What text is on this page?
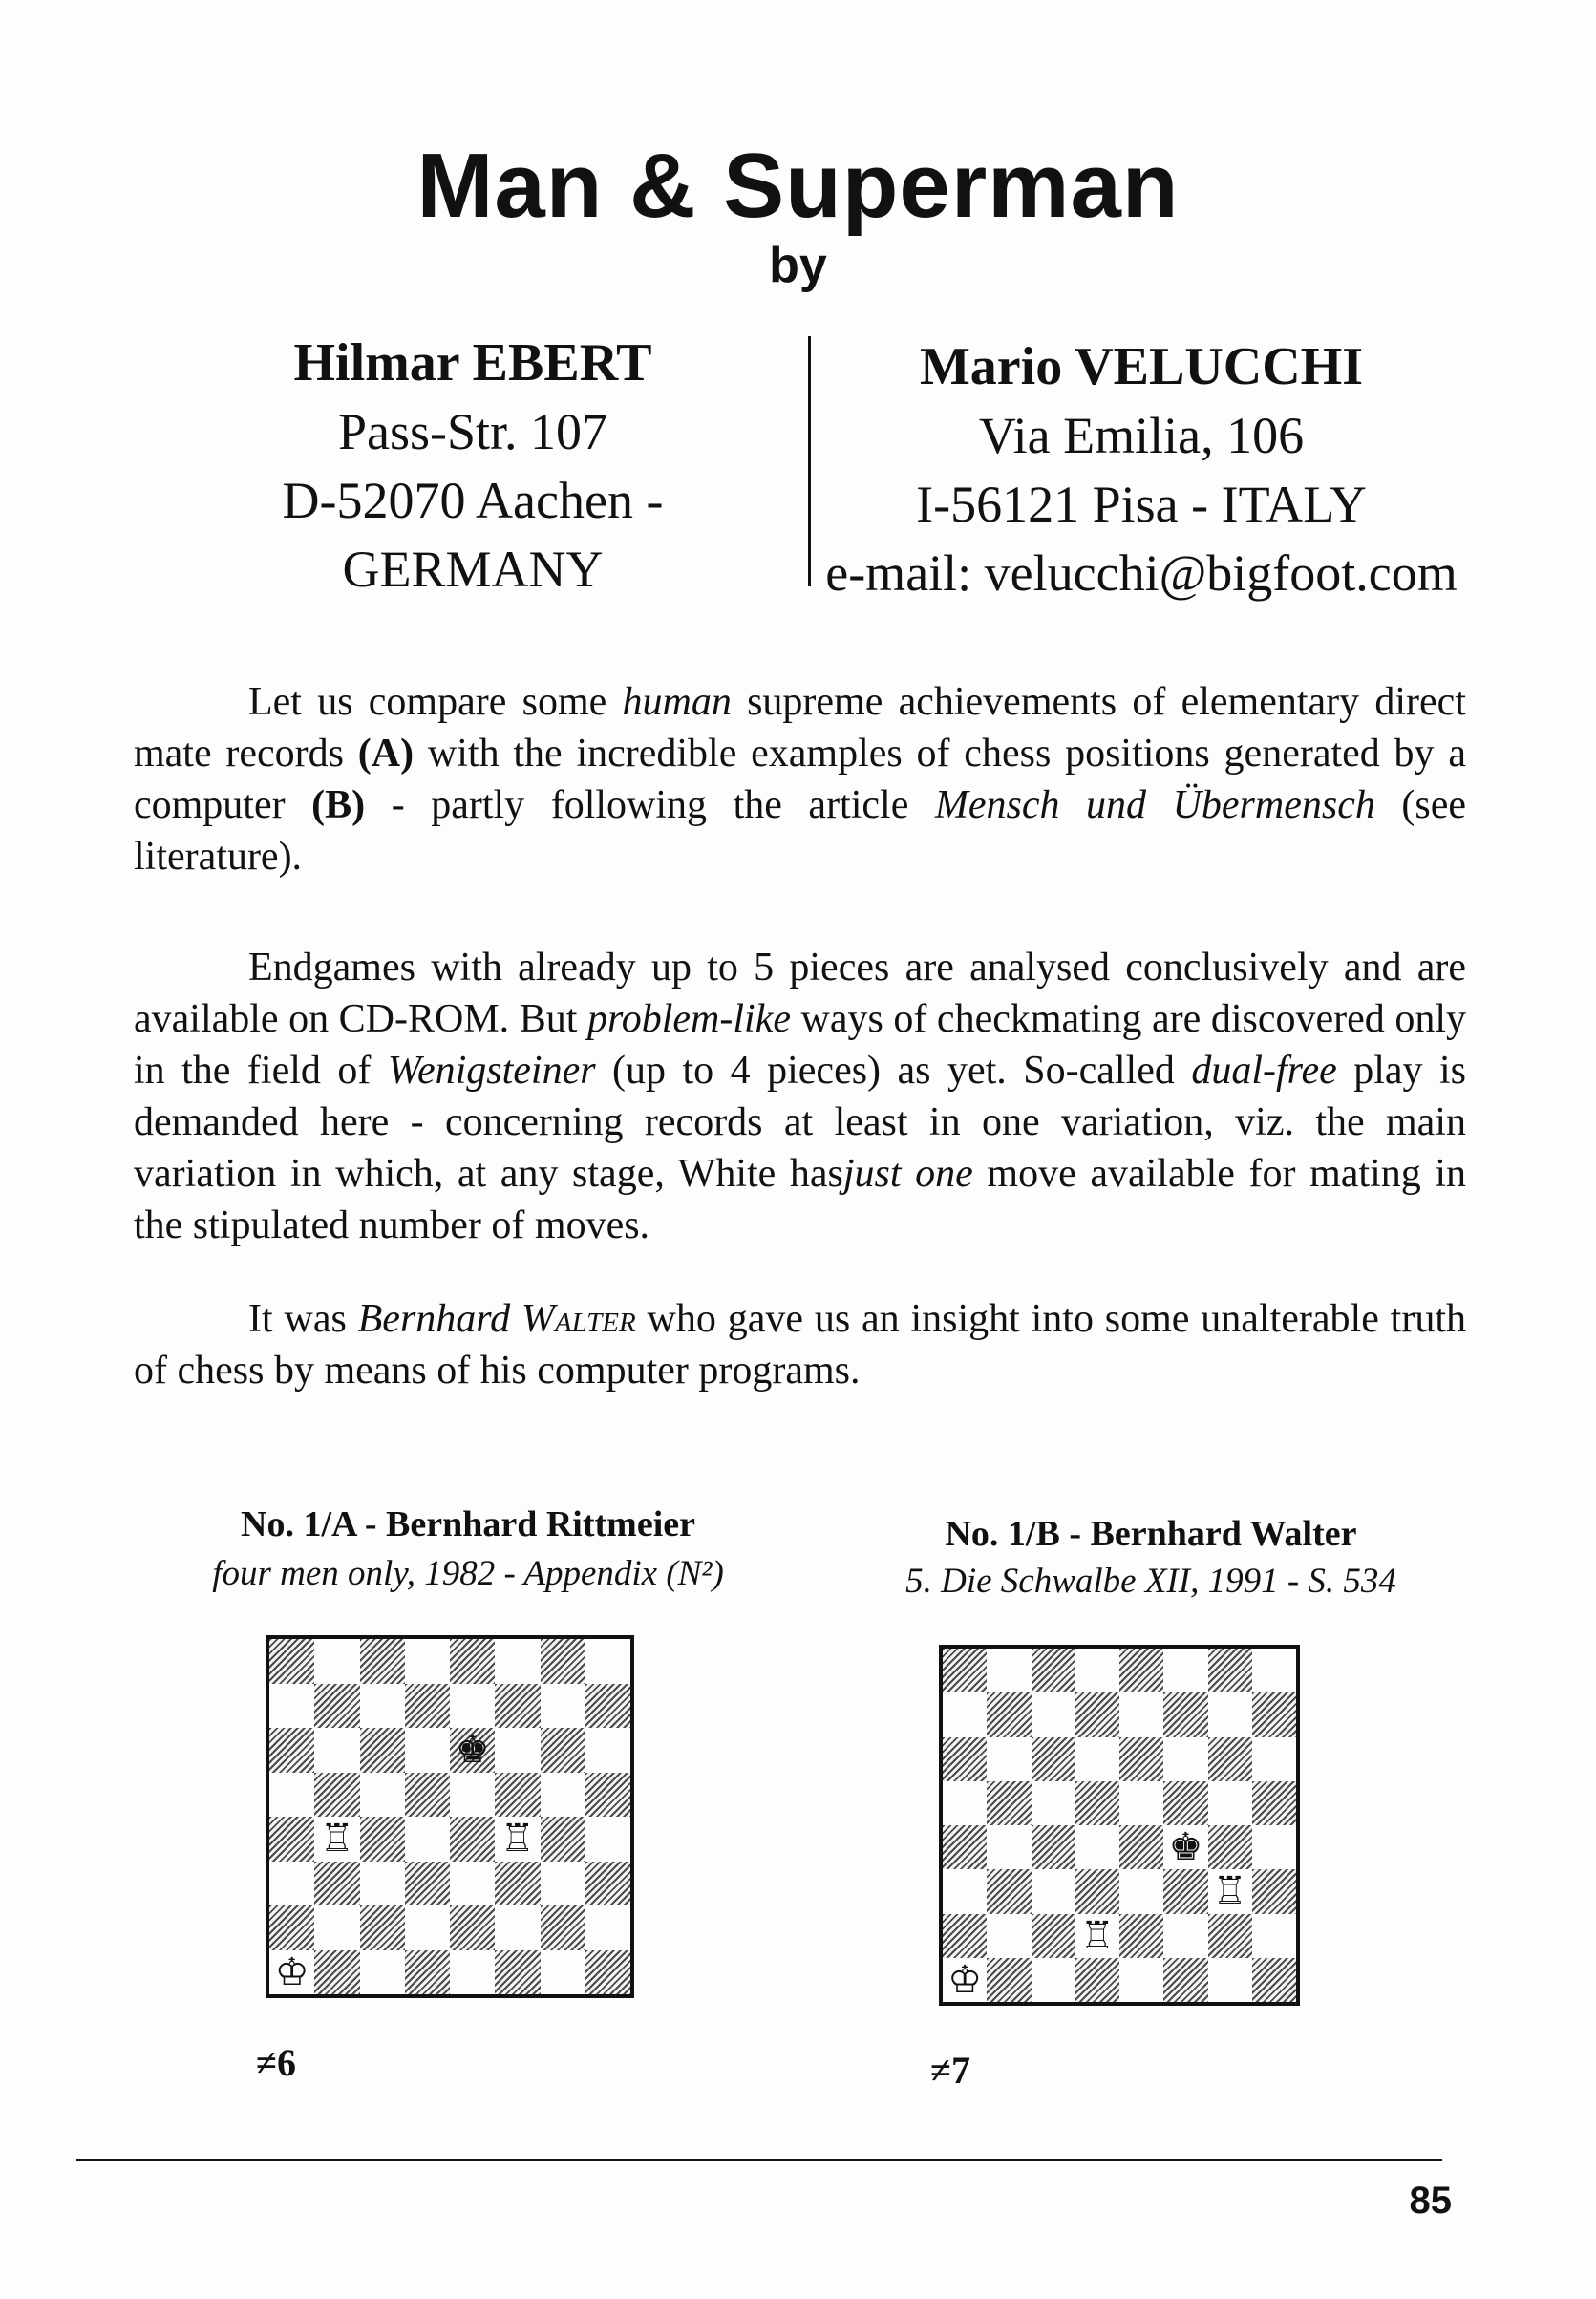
Man & Superman
by
Hilmar EBERT
Pass-Str. 107
D-52070 Aachen -
GERMANY
Mario VELUCCHI
Via Emilia, 106
I-56121 Pisa - ITALY
e-mail: velucchi@bigfoot.com

Let us compare some human supreme achievements of elementary direct mate records (A) with the incredible examples of chess positions generated by a computer (B) - partly following the article Mensch und Übermensch (see literature).

Endgames with already up to 5 pieces are analysed conclusively and are available on CD-ROM. But problem-like ways of checkmating are discovered only in the field of Wenigsteiner (up to 4 pieces) as yet. So-called dual-free play is demanded here - concerning records at least in one variation, viz. the main variation in which, at any stage, White hasjust one move available for mating in the stipulated number of moves.

It was Bernhard Walter who gave us an insight into some unalterable truth of chess by means of his computer programs.

No. 1/A - Bernhard Rittmeier
four men only, 1982 - Appendix (N²)
♚
♖	♖
♔
≠6
No. 1/B - Bernhard Walter
5. Die Schwalbe XII, 1991 - S. 534
♚
♖
♖
♔
≠7
85
